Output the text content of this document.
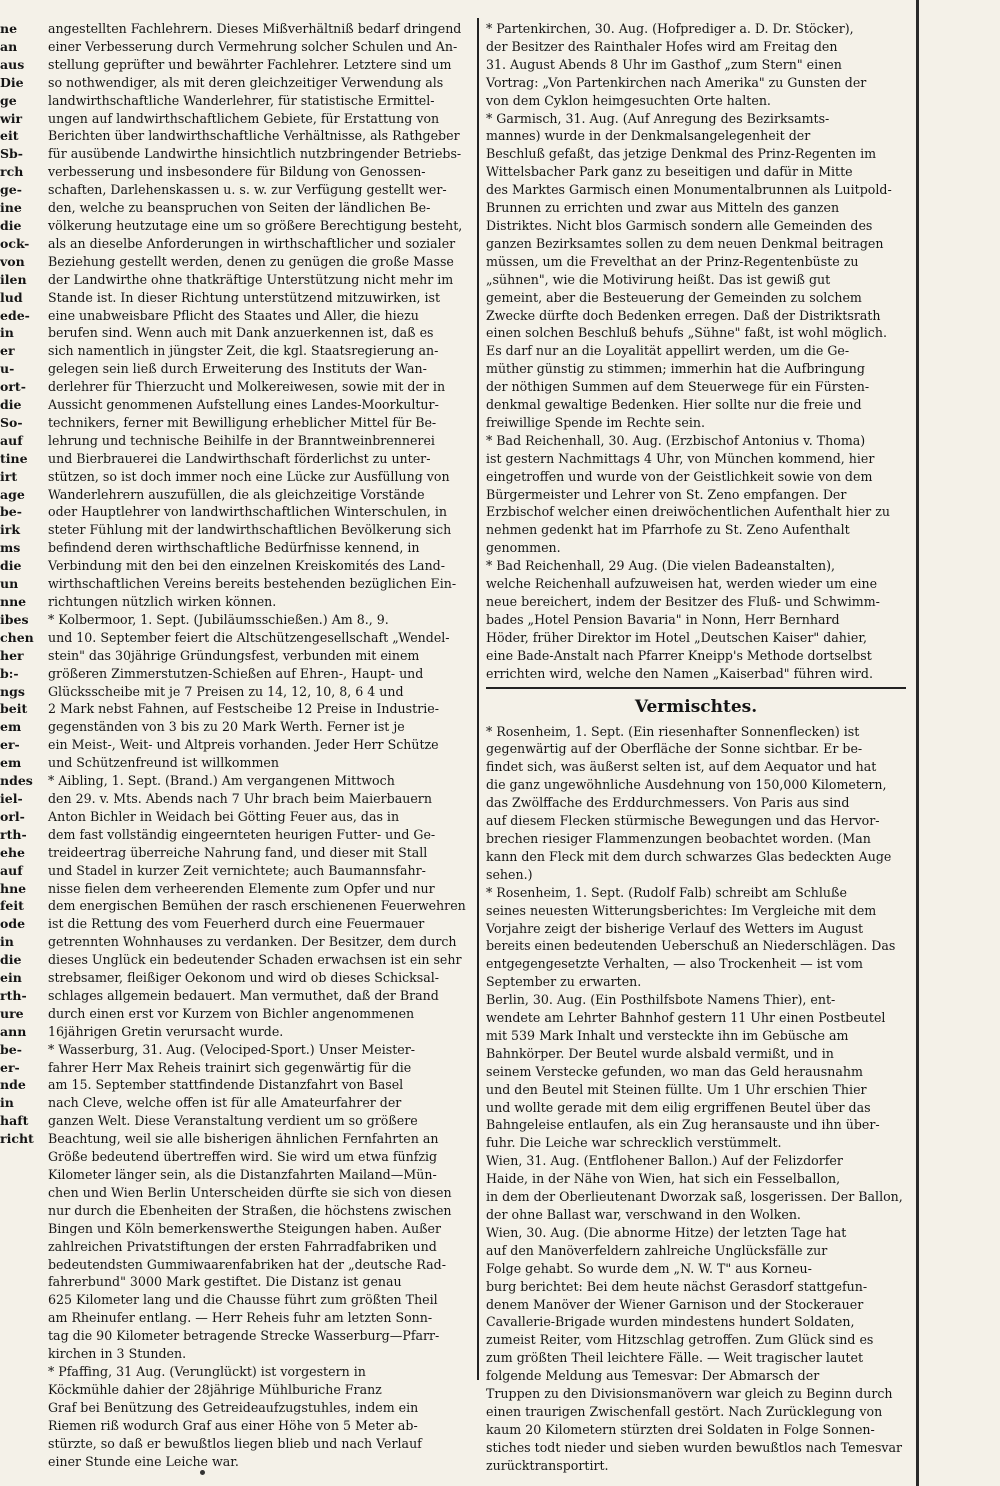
ne
an
aus
Die
ge
wir
eit
Sb-
rch
ge-
ine
die
ock-
von
ilen
lud
ede-
in
er
u-
ort-
die
So-
auf
tine
irt
age
be-
irk
ms
die
un
nne
ibes
chen
her
b:-
ngs
beit
em
er-
em
ndes
iel-
orl-
rth-
ehe
auf
hne
feit
ode
in
die
ein
rth-
ure
ann
be-
er-
nde
in
haft
richt
angestellten Fachlehrern. Dieses Mißverhältniß bedarf dringend
einer Verbesserung durch Vermehrung solcher Schulen und An-
stellung geprüfter und bewährter Fachlehrer. Letztere sind um
so nothwendiger, als mit deren gleichzeitiger Verwendung als
landwirthschaftliche Wanderlehrer, für statistische Ermittel-
ungen auf landwirthschaftlichem Gebiete, für Erstattung von
Berichten über landwirthschaftliche Verhältnisse, als Rathgeber
für ausübende Landwirthe hinsichtlich nutzbringender Betriebs-
verbesserung und insbesondere für Bildung von Genossen-
schaften, Darlehenskassen u. s. w. zur Verfügung gestellt wer-
den, welche zu beanspruchen von Seiten der ländlichen Be-
völkerung heutzutage eine um so größere Berechtigung besteht,
als an dieselbe Anforderungen in wirthschaftlicher und sozialer
Beziehung gestellt werden, denen zu genügen die große Masse
der Landwirthe ohne thatkräftige Unterstützung nicht mehr im
Stande ist. In dieser Richtung unterstützend mitzuwirken, ist
eine unabweisbare Pflicht des Staates und Aller, die hiezu
berufen sind. Wenn auch mit Dank anzuerkennen ist, daß es
sich namentlich in jüngster Zeit, die kgl. Staatsregierung an-
gelegen sein ließ durch Erweiterung des Instituts der Wan-
derlehrer für Thierzucht und Molkereiwesen, sowie mit der in
Aussicht genommenen Aufstellung eines Landes-Moorkultur-
technikers, ferner mit Bewilligung erheblicher Mittel für Be-
lehrung und technische Beihilfe in der Branntweinbrennerei
und Bierbrauerei die Landwirthschaft förderlichst zu unter-
stützen, so ist doch immer noch eine Lücke zur Ausfüllung von
Wanderlehrern auszufüllen, die als gleichzeitige Vorstände
oder Hauptlehrer von landwirthschaftlichen Winterschulen, in
steter Fühlung mit der landwirthschaftlichen Bevölkerung sich
befindend deren wirthschaftliche Bedürfnisse kennend, in
Verbindung mit den bei den einzelnen Kreiskomités des Land-
wirthschaftlichen Vereins bereits bestehenden bezüglichen Ein-
richtungen nützlich wirken können.
* Kolbermoor, 1. Sept. (Jubiläumsschießen.) Am 8., 9.
und 10. September feiert die Altschützengesellschaft „Wendel-
stein" das 30jährige Gründungsfest, verbunden mit einem
größeren Zimmerstutzen-Schießen auf Ehren-, Haupt- und
Glücksscheibe mit je 7 Preisen zu 14, 12, 10, 8, 6 4 und
2 Mark nebst Fahnen, auf Festscheibe 12 Preise in Industrie-
gegenständen von 3 bis zu 20 Mark Werth. Ferner ist je
ein Meist-, Weit- und Altpreis vorhanden. Jeder Herr Schütze
und Schützenfreund ist willkommen
* Aibling, 1. Sept. (Brand.) Am vergangenen Mittwoch
den 29. v. Mts. Abends nach 7 Uhr brach beim Maierbauern
Anton Bichler in Weidach bei Götting Feuer aus, das in
dem fast vollständig eingeernteten heurigen Futter- und Ge-
treideertrag überreiche Nahrung fand, und dieser mit Stall
und Stadel in kurzer Zeit vernichtete; auch Baumannsfahr-
nisse fielen dem verheerenden Elemente zum Opfer und nur
dem energischen Bemühen der rasch erschienenen Feuerwehren
ist die Rettung des vom Feuerherd durch eine Feuermauer
getrennten Wohnhauses zu verdanken. Der Besitzer, dem durch
dieses Unglück ein bedeutender Schaden erwachsen ist ein sehr
strebsamer, fleißiger Oekonom und wird ob dieses Schicksal-
schlages allgemein bedauert. Man vermuthet, daß der Brand
durch einen erst vor Kurzem von Bichler angenommenen
16jährigen Gretin verursacht wurde.
* Wasserburg, 31. Aug. (Velociped-Sport.) Unser Meister-
fahrer Herr Max Reheis trainirt sich gegenwärtig für die
am 15. September stattfindende Distanzfahrt von Basel
nach Cleve, welche offen ist für alle Amateurfahrer der
ganzen Welt. Diese Veranstaltung verdient um so größere
Beachtung, weil sie alle bisherigen ähnlichen Fernfahrten an
Größe bedeutend übertreffen wird. Sie wird um etwa fünfzig
Kilometer länger sein, als die Distanzfahrten Mailand—Mün-
chen und Wien Berlin Unterscheiden dürfte sie sich von diesen
nur durch die Ebenheiten der Straßen, die höchstens zwischen
Bingen und Köln bemerkenswerthe Steigungen haben. Außer
zahlreichen Privatstiftungen der ersten Fahrradfabriken und
bedeutendsten Gummiwaarenfabriken hat der „deutsche Rad-
fahrerbund" 3000 Mark gestiftet. Die Distanz ist genau
625 Kilometer lang und die Chausse führt zum größten Theil
am Rheinufer entlang. — Herr Reheis fuhr am letzten Sonn-
tag die 90 Kilometer betragende Strecke Wasserburg—Pfarr-
kirchen in 3 Stunden.
* Pfaffing, 31 Aug. (Verunglückt) ist vorgestern in
Köckmühle dahier der 28jährige Mühlburiche Franz
Graf bei Benützung des Getreideaufzugstuhles, indem ein
Riemen riß wodurch Graf aus einer Höhe von 5 Meter ab-
stürzte, so daß er bewußtlos liegen blieb und nach Verlauf
einer Stunde eine Leiche war.
* Partenkirchen, 30. Aug. (Hofprediger a. D. Dr. Stöcker),
der Besitzer des Rainthaler Hofes wird am Freitag den
31. August Abends 8 Uhr im Gasthof „zum Stern" einen
Vortrag: „Von Partenkirchen nach Amerika" zu Gunsten der
von dem Cyklon heimgesuchten Orte halten.
* Garmisch, 31. Aug. (Auf Anregung des Bezirksamts-
mannes) wurde in der Denkmalsangelegenheit der
Beschluß gefaßt, das jetzige Denkmal des Prinz-Regenten im
Wittelsbacher Park ganz zu beseitigen und dafür in Mitte
des Marktes Garmisch einen Monumentalbrunnen als Luitpold-
Brunnen zu errichten und zwar aus Mitteln des ganzen
Distriktes. Nicht blos Garmisch sondern alle Gemeinden des
ganzen Bezirksamtes sollen zu dem neuen Denkmal beitragen
müssen, um die Frevelthat an der Prinz-Regentenbüste zu
„sühnen", wie die Motivirung heißt. Das ist gewiß gut
gemeint, aber die Besteuerung der Gemeinden zu solchem
Zwecke dürfte doch Bedenken erregen. Daß der Distriktsrath
einen solchen Beschluß behufs „Sühne" faßt, ist wohl möglich.
Es darf nur an die Loyalität appellirt werden, um die Ge-
müther günstig zu stimmen; immerhin hat die Aufbringung
der nöthigen Summen auf dem Steuerwege für ein Fürsten-
denkmal gewaltige Bedenken. Hier sollte nur die freie und
freiwillige Spende im Rechte sein.
* Bad Reichenhall, 30. Aug. (Erzbischof Antonius v. Thoma)
ist gestern Nachmittags 4 Uhr, von München kommend, hier
eingetroffen und wurde von der Geistlichkeit sowie von dem
Bürgermeister und Lehrer von St. Zeno empfangen. Der
Erzbischof welcher einen dreiwöchentlichen Aufenthalt hier zu
nehmen gedenkt hat im Pfarrhofe zu St. Zeno Aufenthalt
genommen.
* Bad Reichenhall, 29 Aug. (Die vielen Badeanstalten),
welche Reichenhall aufzuweisen hat, werden wieder um eine
neue bereichert, indem der Besitzer des Fluß- und Schwimm-
bades „Hotel Pension Bavaria" in Nonn, Herr Bernhard
Höder, früher Direktor im Hotel „Deutschen Kaiser" dahier,
eine Bade-Anstalt nach Pfarrer Kneipp's Methode dortselbst
errichten wird, welche den Namen „Kaiserbad" führen wird.
Vermischtes.
* Rosenheim, 1. Sept. (Ein riesenhafter Sonnenflecken) ist
gegenwärtig auf der Oberfläche der Sonne sichtbar. Er be-
findet sich, was äußerst selten ist, auf dem Aequator und hat
die ganz ungewöhnliche Ausdehnung von 150,000 Kilometern,
das Zwölffache des Erddurchmessers. Von Paris aus sind
auf diesem Flecken stürmische Bewegungen und das Hervor-
brechen riesiger Flammenzungen beobachtet worden. (Man
kann den Fleck mit dem durch schwarzes Glas bedeckten Auge
sehen.)
* Rosenheim, 1. Sept. (Rudolf Falb) schreibt am Schluße
seines neuesten Witterungsberichtes: Im Vergleiche mit dem
Vorjahre zeigt der bisherige Verlauf des Wetters im August
bereits einen bedeutenden Ueberschuß an Niederschlägen. Das
entgegengesetzte Verhalten, — also Trockenheit — ist vom
September zu erwarten.
Berlin, 30. Aug. (Ein Posthilfsbote Namens Thier), ent-
wendete am Lehrter Bahnhof gestern 11 Uhr einen Postbeutel
mit 539 Mark Inhalt und versteckte ihn im Gebüsche am
Bahnkörper. Der Beutel wurde alsbald vermißt, und in
seinem Verstecke gefunden, wo man das Geld herausnahm
und den Beutel mit Steinen füllte. Um 1 Uhr erschien Thier
und wollte gerade mit dem eilig ergriffenen Beutel über das
Bahngeleise entlaufen, als ein Zug heransauste und ihn über-
fuhr. Die Leiche war schrecklich verstümmelt.
Wien, 31. Aug. (Entflohener Ballon.) Auf der Felizdorfer
Haide, in der Nähe von Wien, hat sich ein Fesselballon,
in dem der Oberlieutenant Dworzak saß, losgerissen. Der Ballon,
der ohne Ballast war, verschwand in den Wolken.
Wien, 30. Aug. (Die abnorme Hitze) der letzten Tage hat
auf den Manöverfeldern zahlreiche Unglücksfälle zur
Folge gehabt. So wurde dem „N. W. T" aus Korneu-
burg berichtet: Bei dem heute nächst Gerasdorf stattgefun-
denem Manöver der Wiener Garnison und der Stockerauer
Cavallerie-Brigade wurden mindestens hundert Soldaten,
zumeist Reiter, vom Hitzschlag getroffen. Zum Glück sind es
zum größten Theil leichtere Fälle. — Weit tragischer lautet
folgende Meldung aus Temesvar: Der Abmarsch der
Truppen zu den Divisionsmanövern war gleich zu Beginn durch
einen traurigen Zwischenfall gestört. Nach Zurücklegung von
kaum 20 Kilometern stürzten drei Soldaten in Folge Sonnen-
stiches todt nieder und sieben wurden bewußtlos nach Temesvar
zurücktransportirt.
